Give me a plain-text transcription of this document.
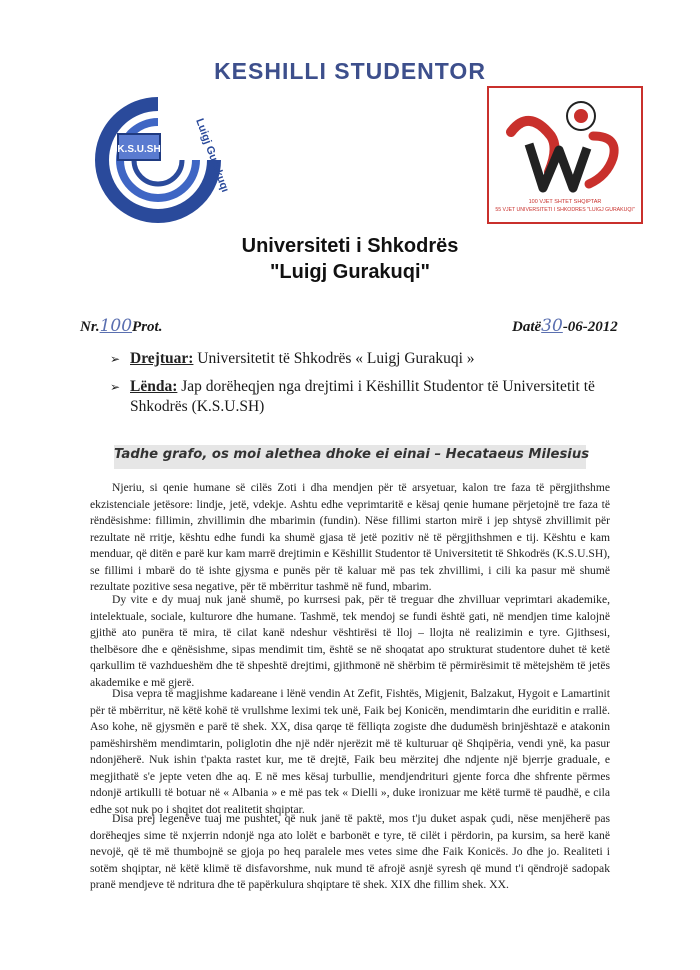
KESHILLI STUDENTOR
K.S.U.SH	Luigj Gurakuqi
100 VJET SHTET SHQIPTAR
55 VJET UNIVERSITETI I SHKODRES "LUIGJ GURAKUQI"
Universiteti i Shkodrës
"Luigj Gurakuqi"
Nr.100Prot.	Datë30-06-2012
➢ Drejtuar: Universitetit të Shkodrës « Luigj Gurakuqi »
➢ Lënda: Jap dorëheqjen nga drejtimi i Këshillit Studentor të Universitetit të Shkodrës (K.S.U.SH)
Tadhe grafo, os moi alethea dhoke ei einai – Hecataeus Milesius
Njeriu, si qenie humane së cilës Zoti i dha mendjen për të arsyetuar, kalon tre faza të përgjithshme ekzistenciale jetësore: lindje, jetë, vdekje. Ashtu edhe veprimtaritë e kësaj qenie humane përjetojnë tre faza të rëndësishme: fillimin, zhvillimin dhe mbarimin (fundin). Nëse fillimi starton mirë i jep shtysë zhvillimit për rezultate në rritje, kështu edhe fundi ka shumë gjasa të jetë pozitiv në të përgjithshmen e tij. Kështu e kam menduar, që ditën e parë kur kam marrë drejtimin e Këshillit Studentor të Universitetit të Shkodrës (K.S.U.SH), se fillimi i mbarë do të ishte gjysma e punës për të kaluar më pas tek zhvillimi, i cili ka pasur më shumë rezultate pozitive sesa negative, për të mbërritur tashmë në fund, mbarim.
Dy vite e dy muaj nuk janë shumë, po kurrsesi pak, për të treguar dhe zhvilluar veprimtari akademike, intelektuale, sociale, kulturore dhe humane. Tashmë, tek mendoj se fundi është gati, në mendjen time kalojnë gjithë ato punëra të mira, të cilat kanë ndeshur vështirësi të lloj – llojta në realizimin e tyre. Gjithsesi, thelbësore dhe e qënësishme, sipas mendimit tim, është se në shoqatat apo strukturat studentore duhet të ketë qarkullim të vazhdueshëm dhe të shpeshtë drejtimi, gjithmonë në shërbim të përmirësimit të mëtejshëm të jetës akademike e më gjerë.
Disa vepra të magjishme kadareane i lënë vendin At Zefit, Fishtës, Migjenit, Balzakut, Hygoit e Lamartinit për të mbërritur, në këtë kohë të vrullshme leximi tek unë, Faik bej Konicën, mendimtarin dhe euriditin e rrallë. Aso kohe, në gjysmën e parë të shek. XX, disa qarqe të fëlliqta zogiste dhe dudumësh brinjështazë e atakonin pamëshirshëm mendimtarin, poliglotin dhe një ndër njerëzit më të kulturuar që Shqipëria, vendi ynë, ka pasur ndonjëherë. Nuk ishin t'pakta rastet kur, me të drejtë, Faik beu mërzitej dhe ndjente një bjerrje graduale, e megjithatë s'e jepte veten dhe aq. E në mes kësaj turbullie, mendjendrituri gjente forca dhe shfrente përmes ndonjë artikulli të botuar në « Albania » e më pas tek « Dielli », duke ironizuar me këtë turmë të paudhë, e cila edhe sot nuk po i shqitet dot realitetit shqiptar.
Disa prej legenëve tuaj me pushtet, që nuk janë të paktë, mos t'ju duket aspak çudi, nëse menjëherë pas dorëheqjes sime të nxjerrin ndonjë nga ato lolët e barbonët e tyre, të cilët i përdorin, pa kursim, sa herë kanë nevojë, që të më thumbojnë se gjoja po heq paralele mes vetes sime dhe Faik Konicës. Jo dhe jo. Realiteti i sotëm shqiptar, në këtë klimë të disfavorshme, nuk mund të afrojë asnjë syresh që mund t'i qëndrojë sadopak pranë mendjeve të ndritura dhe të papërkulura shqiptare të shek. XIX dhe fillim shek. XX.
